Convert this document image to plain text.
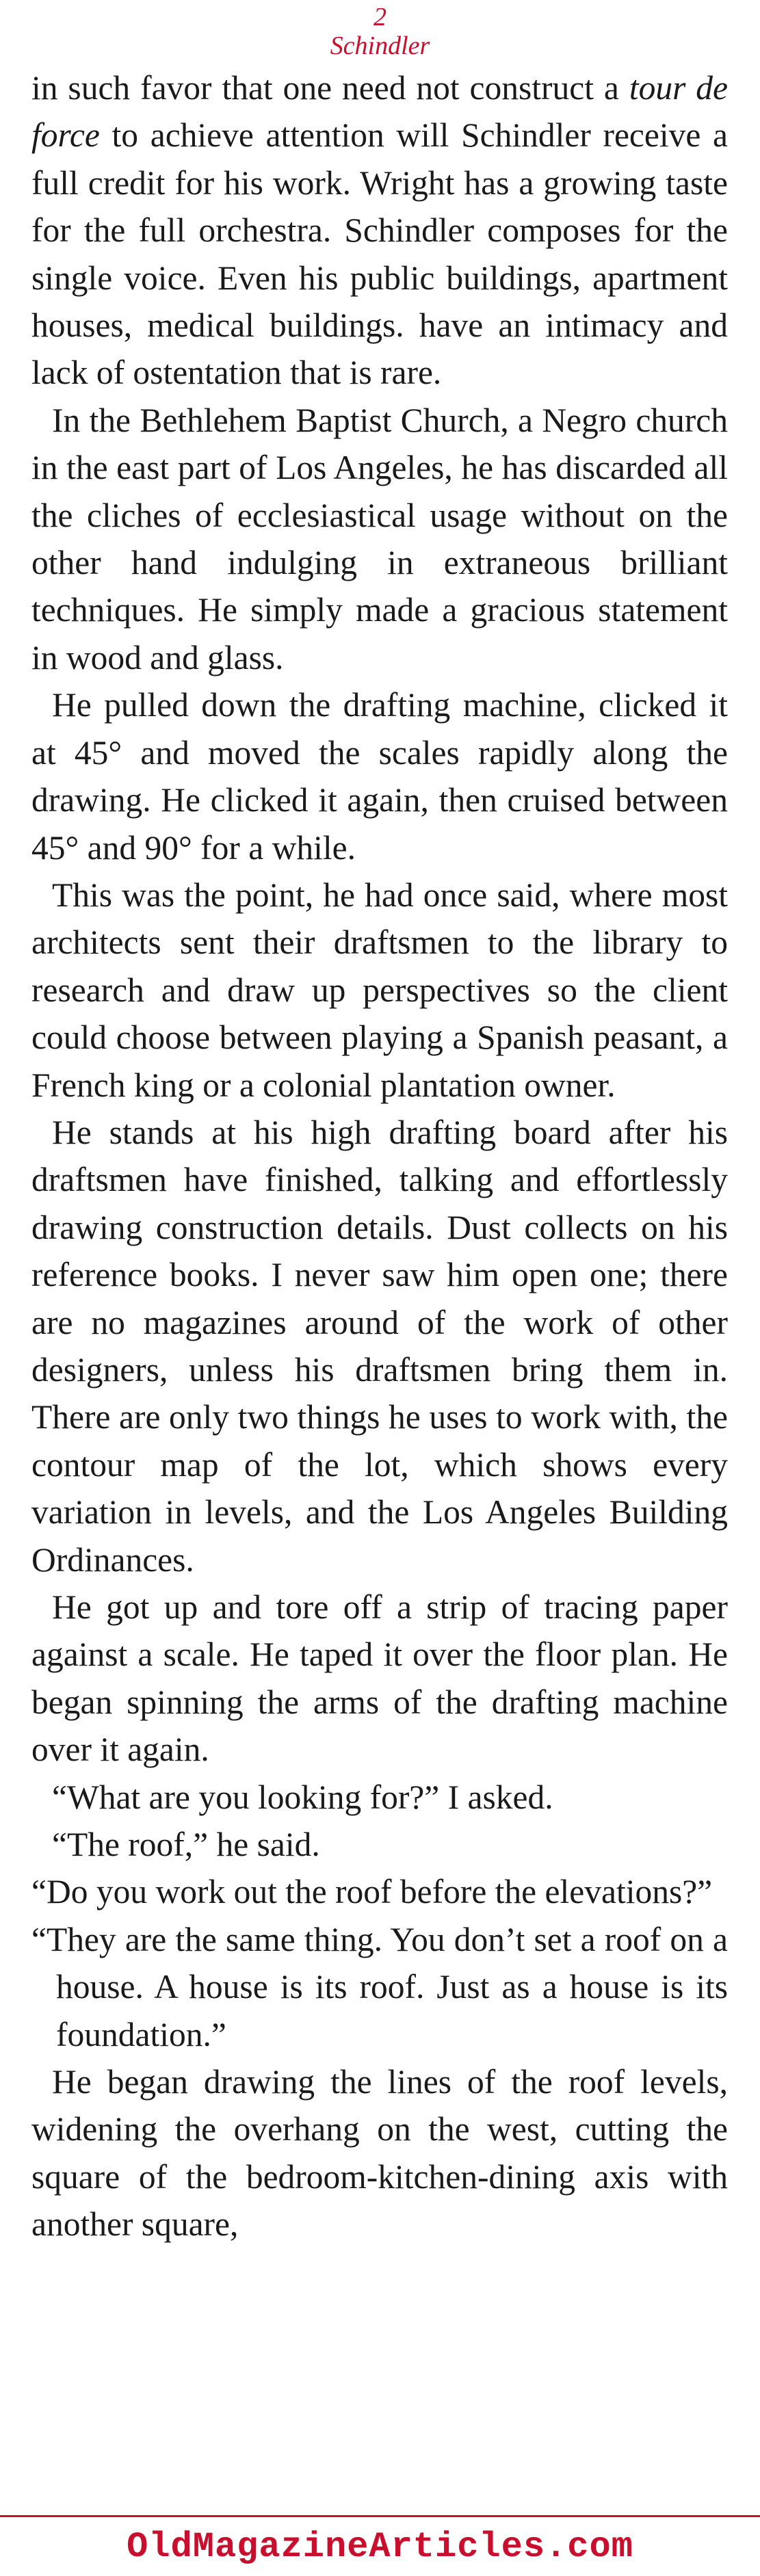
2
Schindler

in such favor that one need not construct a tour de force to achieve attention will Schindler receive a full credit for his work. Wright has a growing taste for the full orchestra. Schindler composes for the single voice. Even his public buildings, apartment houses, medical buildings. have an intimacy and lack of ostentation that is rare.

In the Bethlehem Baptist Church, a Negro church in the east part of Los Angeles, he has discarded all the cliches of ecclesiastical usage without on the other hand indulging in extraneous brilliant techniques. He simply made a gracious statement in wood and glass.

He pulled down the drafting machine, clicked it at 45° and moved the scales rapidly along the drawing. He clicked it again, then cruised between 45° and 90° for a while.

This was the point, he had once said, where most architects sent their draftsmen to the library to research and draw up perspectives so the client could choose between playing a Spanish peasant, a French king or a colonial plantation owner.

He stands at his high drafting board after his draftsmen have finished, talking and effortlessly drawing construction details. Dust collects on his reference books. I never saw him open one; there are no magazines around of the work of other designers, unless his draftsmen bring them in. There are only two things he uses to work with, the contour map of the lot, which shows every variation in levels, and the Los Angeles Building Ordinances.

He got up and tore off a strip of tracing paper against a scale. He taped it over the floor plan. He began spinning the arms of the drafting machine over it again.

“What are you looking for?” I asked.

“The roof,” he said.

“Do you work out the roof before the elevations?”

“They are the same thing. You don’t set a roof on a house. A house is its roof. Just as a house is its foundation.”

He began drawing the lines of the roof levels, widening the overhang on the west, cutting the square of the bedroom-kitchen-dining axis with another square,

OldMagazineArticles.com
